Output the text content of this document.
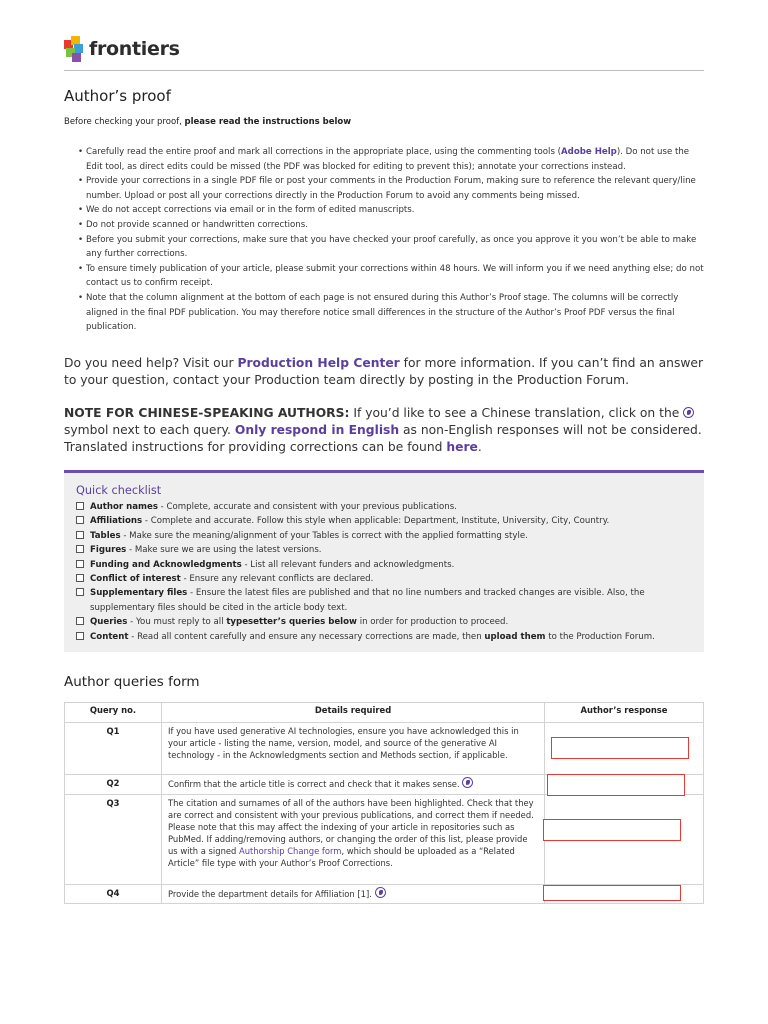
frontiers
Author’s proof
Before checking your proof, please read the instructions below
• Carefully read the entire proof and mark all corrections in the appropriate place, using the commenting tools (Adobe Help). Do not use the Edit tool, as direct edits could be missed (the PDF was blocked for editing to prevent this); annotate your corrections instead.
• Provide your corrections in a single PDF file or post your comments in the Production Forum, making sure to reference the relevant query/line number. Upload or post all your corrections directly in the Production Forum to avoid any comments being missed.
• We do not accept corrections via email or in the form of edited manuscripts.
• Do not provide scanned or handwritten corrections.
• Before you submit your corrections, make sure that you have checked your proof carefully, as once you approve it you won’t be able to make any further corrections.
• To ensure timely publication of your article, please submit your corrections within 48 hours. We will inform you if we need anything else; do not contact us to confirm receipt.
• Note that the column alignment at the bottom of each page is not ensured during this Author’s Proof stage. The columns will be correctly aligned in the final PDF publication. You may therefore notice small differences in the structure of the Author’s Proof PDF versus the final publication.
Do you need help? Visit our Production Help Center for more information. If you can’t find an answer to your question, contact your Production team directly by posting in the Production Forum.
NOTE FOR CHINESE-SPEAKING AUTHORS: If you’d like to see a Chinese translation, click on the  symbol next to each query. Only respond in English as non-English responses will not be considered. Translated instructions for providing corrections can be found here.
Quick checklist
Author names - Complete, accurate and consistent with your previous publications.
Affiliations - Complete and accurate. Follow this style when applicable: Department, Institute, University, City, Country.
Tables - Make sure the meaning/alignment of your Tables is correct with the applied formatting style.
Figures - Make sure we are using the latest versions.
Funding and Acknowledgments - List all relevant funders and acknowledgments.
Conflict of interest - Ensure any relevant conflicts are declared.
Supplementary files - Ensure the latest files are published and that no line numbers and tracked changes are visible. Also, the supplementary files should be cited in the article body text.
Queries - You must reply to all typesetter’s queries below in order for production to proceed.
Content - Read all content carefully and ensure any necessary corrections are made, then upload them to the Production Forum.
Author queries form
Query no.	Details required	Author’s response
Q1	If you have used generative AI technologies, ensure you have acknowledged this in your article - listing the name, version, model, and source of the generative AI technology - in the Acknowledgments section and Methods section, if applicable.	

Q2	Confirm that the article title is correct and check that it makes sense.	

Q3	The citation and surnames of all of the authors have been highlighted. Check that they are correct and consistent with your previous publications, and correct them if needed. Please note that this may affect the indexing of your article in repositories such as PubMed. If adding/removing authors, or changing the order of this list, please provide us with a signed Authorship Change form, which should be uploaded as a “Related Article” file type with your Author’s Proof Corrections.	

Q4	Provide the department details for Affiliation [1].	
